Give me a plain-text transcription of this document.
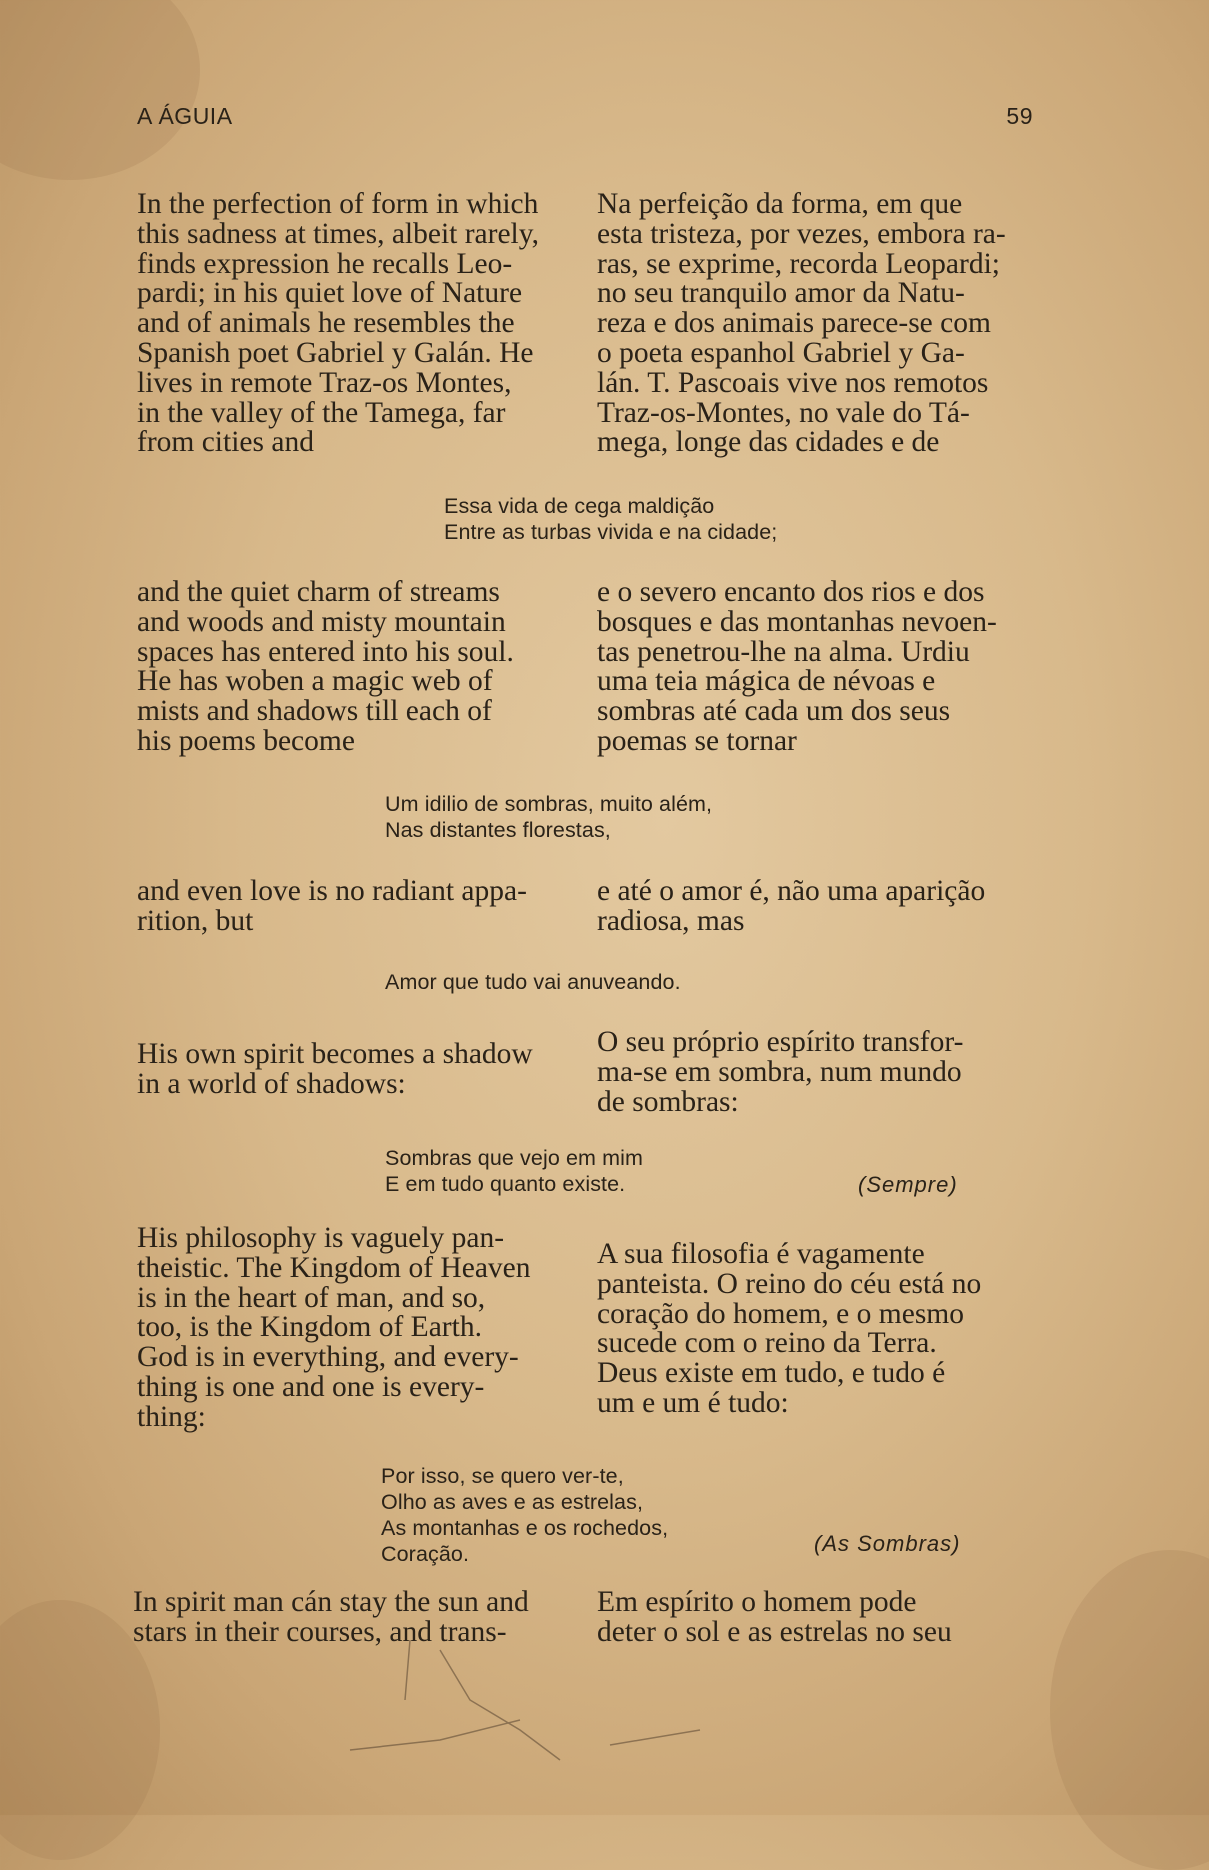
A ÁGUIA	59
In the perfection of form in which
this sadness at times, albeit rarely,
finds expression he recalls Leo-
pardi; in his quiet love of Nature
and of animals he resembles the
Spanish poet Gabriel y Galán. He
lives in remote Traz-os Montes,
in the valley of the Tamega, far
from cities and
Na perfeição da forma, em que
esta tristeza, por vezes, embora ra-
ras, se exprime, recorda Leopardi;
no seu tranquilo amor da Natu-
reza e dos animais parece-se com
o poeta espanhol Gabriel y Ga-
lán. T. Pascoais vive nos remotos
Traz-os-Montes, no vale do Tá-
mega, longe das cidades e de
Essa vida de cega maldição
Entre as turbas vivida e na cidade;
and the quiet charm of streams
and woods and misty mountain
spaces has entered into his soul.
He has woben a magic web of
mists and shadows till each of
his poems become
e o severo encanto dos rios e dos
bosques e das montanhas nevoen-
tas penetrou-lhe na alma. Urdiu
uma teia mágica de névoas e
sombras até cada um dos seus
poemas se tornar
Um idilio de sombras, muito além,
Nas distantes florestas,
and even love is no radiant appa-
rition, but
e até o amor é, não uma aparição
radiosa, mas
Amor que tudo vai anuveando.
His own spirit becomes a shadow
in a world of shadows:
O seu próprio espírito transfor-
ma-se em sombra, num mundo
de sombras:
Sombras que vejo em mim
E em tudo quanto existe.	(Sempre)
His philosophy is vaguely pan-
theistic. The Kingdom of Heaven
is in the heart of man, and so,
too, is the Kingdom of Earth.
God is in everything, and every-
thing is one and one is every-
thing:
A sua filosofia é vagamente
panteista. O reino do céu está no
coração do homem, e o mesmo
sucede com o reino da Terra.
Deus existe em tudo, e tudo é
um e um é tudo:
Por isso, se quero ver-te,
Olho as aves e as estrelas,
As montanhas e os rochedos,
Coração.	(As Sombras)
In spirit man cán stay the sun and
stars in their courses, and trans-
Em espírito o homem pode
deter o sol e as estrelas no seu
